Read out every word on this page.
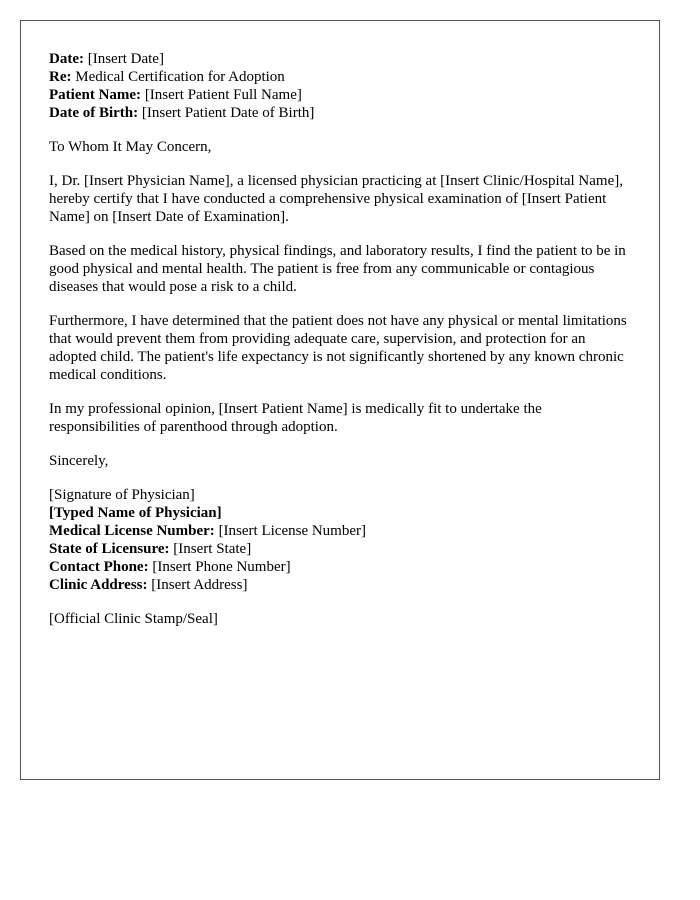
Date: [Insert Date]

Re: Medical Certification for Adoption

Patient Name: [Insert Patient Full Name]

Date of Birth: [Insert Patient Date of Birth]

To Whom It May Concern,

I, Dr. [Insert Physician Name], a licensed physician practicing at [Insert Clinic/Hospital Name], hereby certify that I have conducted a comprehensive physical examination of [Insert Patient Name] on [Insert Date of Examination].

Based on the medical history, physical findings, and laboratory results, I find the patient to be in good physical and mental health. The patient is free from any communicable or contagious diseases that would pose a risk to a child.

Furthermore, I have determined that the patient does not have any physical or mental limitations that would prevent them from providing adequate care, supervision, and protection for an adopted child. The patient's life expectancy is not significantly shortened by any known chronic medical conditions.

In my professional opinion, [Insert Patient Name] is medically fit to undertake the responsibilities of parenthood through adoption.

Sincerely,

[Signature of Physician]

[Typed Name of Physician]

Medical License Number: [Insert License Number]

State of Licensure: [Insert State]

Contact Phone: [Insert Phone Number]

Clinic Address: [Insert Address]

[Official Clinic Stamp/Seal]
